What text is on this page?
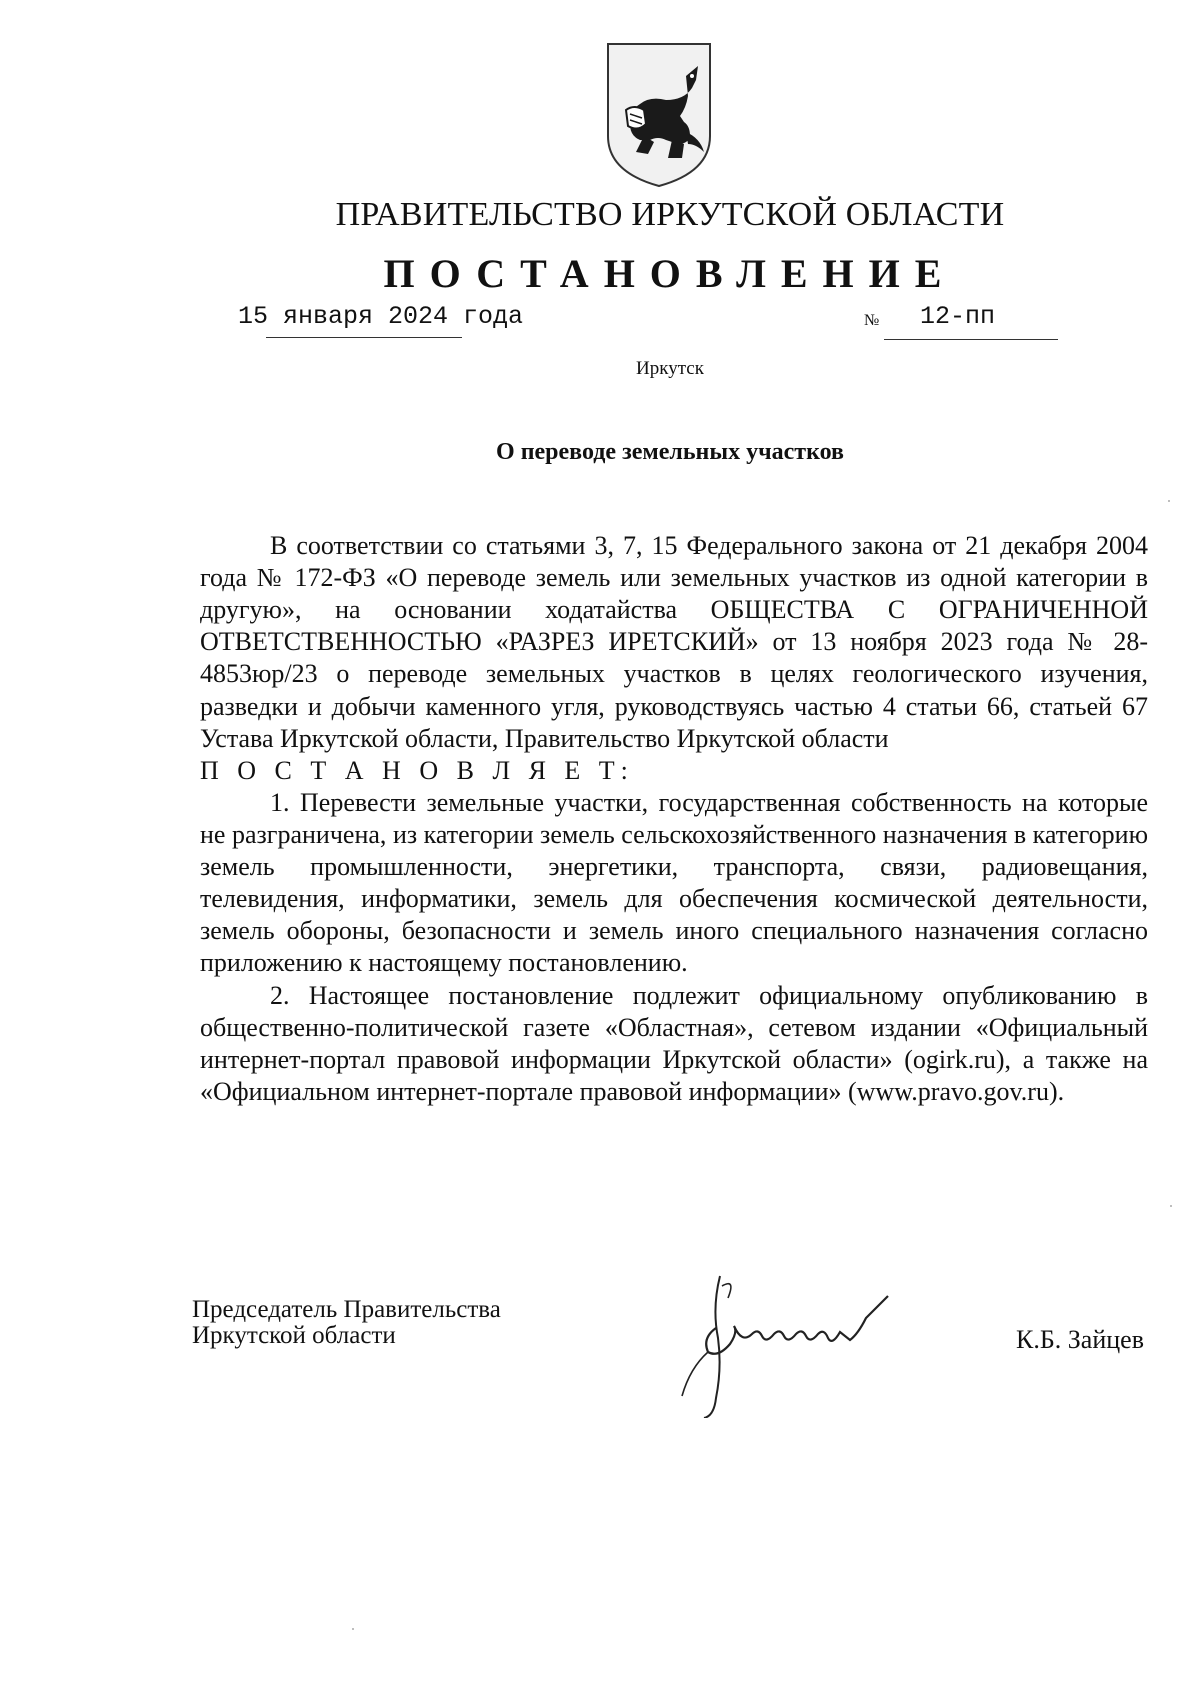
ПРАВИТЕЛЬСТВО ИРКУТСКОЙ ОБЛАСТИ
ПОСТАНОВЛЕНИЕ
15 января 2024 года	№ 12-пп
Иркутск
О переводе земельных участков

В соответствии со статьями 3, 7, 15 Федерального закона от 21 декабря 2004 года № 172-ФЗ «О переводе земель или земельных участков из одной категории в другую», на основании ходатайства ОБЩЕСТВА С ОГРАНИЧЕННОЙ ОТВЕТСТВЕННОСТЬЮ «РАЗРЕЗ ИРЕТСКИЙ» от 13 ноября 2023 года № 28-4853юр/23 о переводе земельных участков в целях геологического изучения, разведки и добычи каменного угля, руководствуясь частью 4 статьи 66, статьей 67 Устава Иркутской области, Правительство Иркутской области

П О С Т А Н О В Л Я Е Т:

1. Перевести земельные участки, государственная собственность на которые не разграничена, из категории земель сельскохозяйственного назначения в категорию земель промышленности, энергетики, транспорта, связи, радиовещания, телевидения, информатики, земель для обеспечения космической деятельности, земель обороны, безопасности и земель иного специального назначения согласно приложению к настоящему постановлению.

2. Настоящее постановление подлежит официальному опубликованию в общественно-политической газете «Областная», сетевом издании «Официальный интернет-портал правовой информации Иркутской области» (ogirk.ru), а также на «Официальном интернет-портале правовой информации» (www.pravo.gov.ru).

Председатель Правительства
Иркутской области	К.Б. Зайцев
